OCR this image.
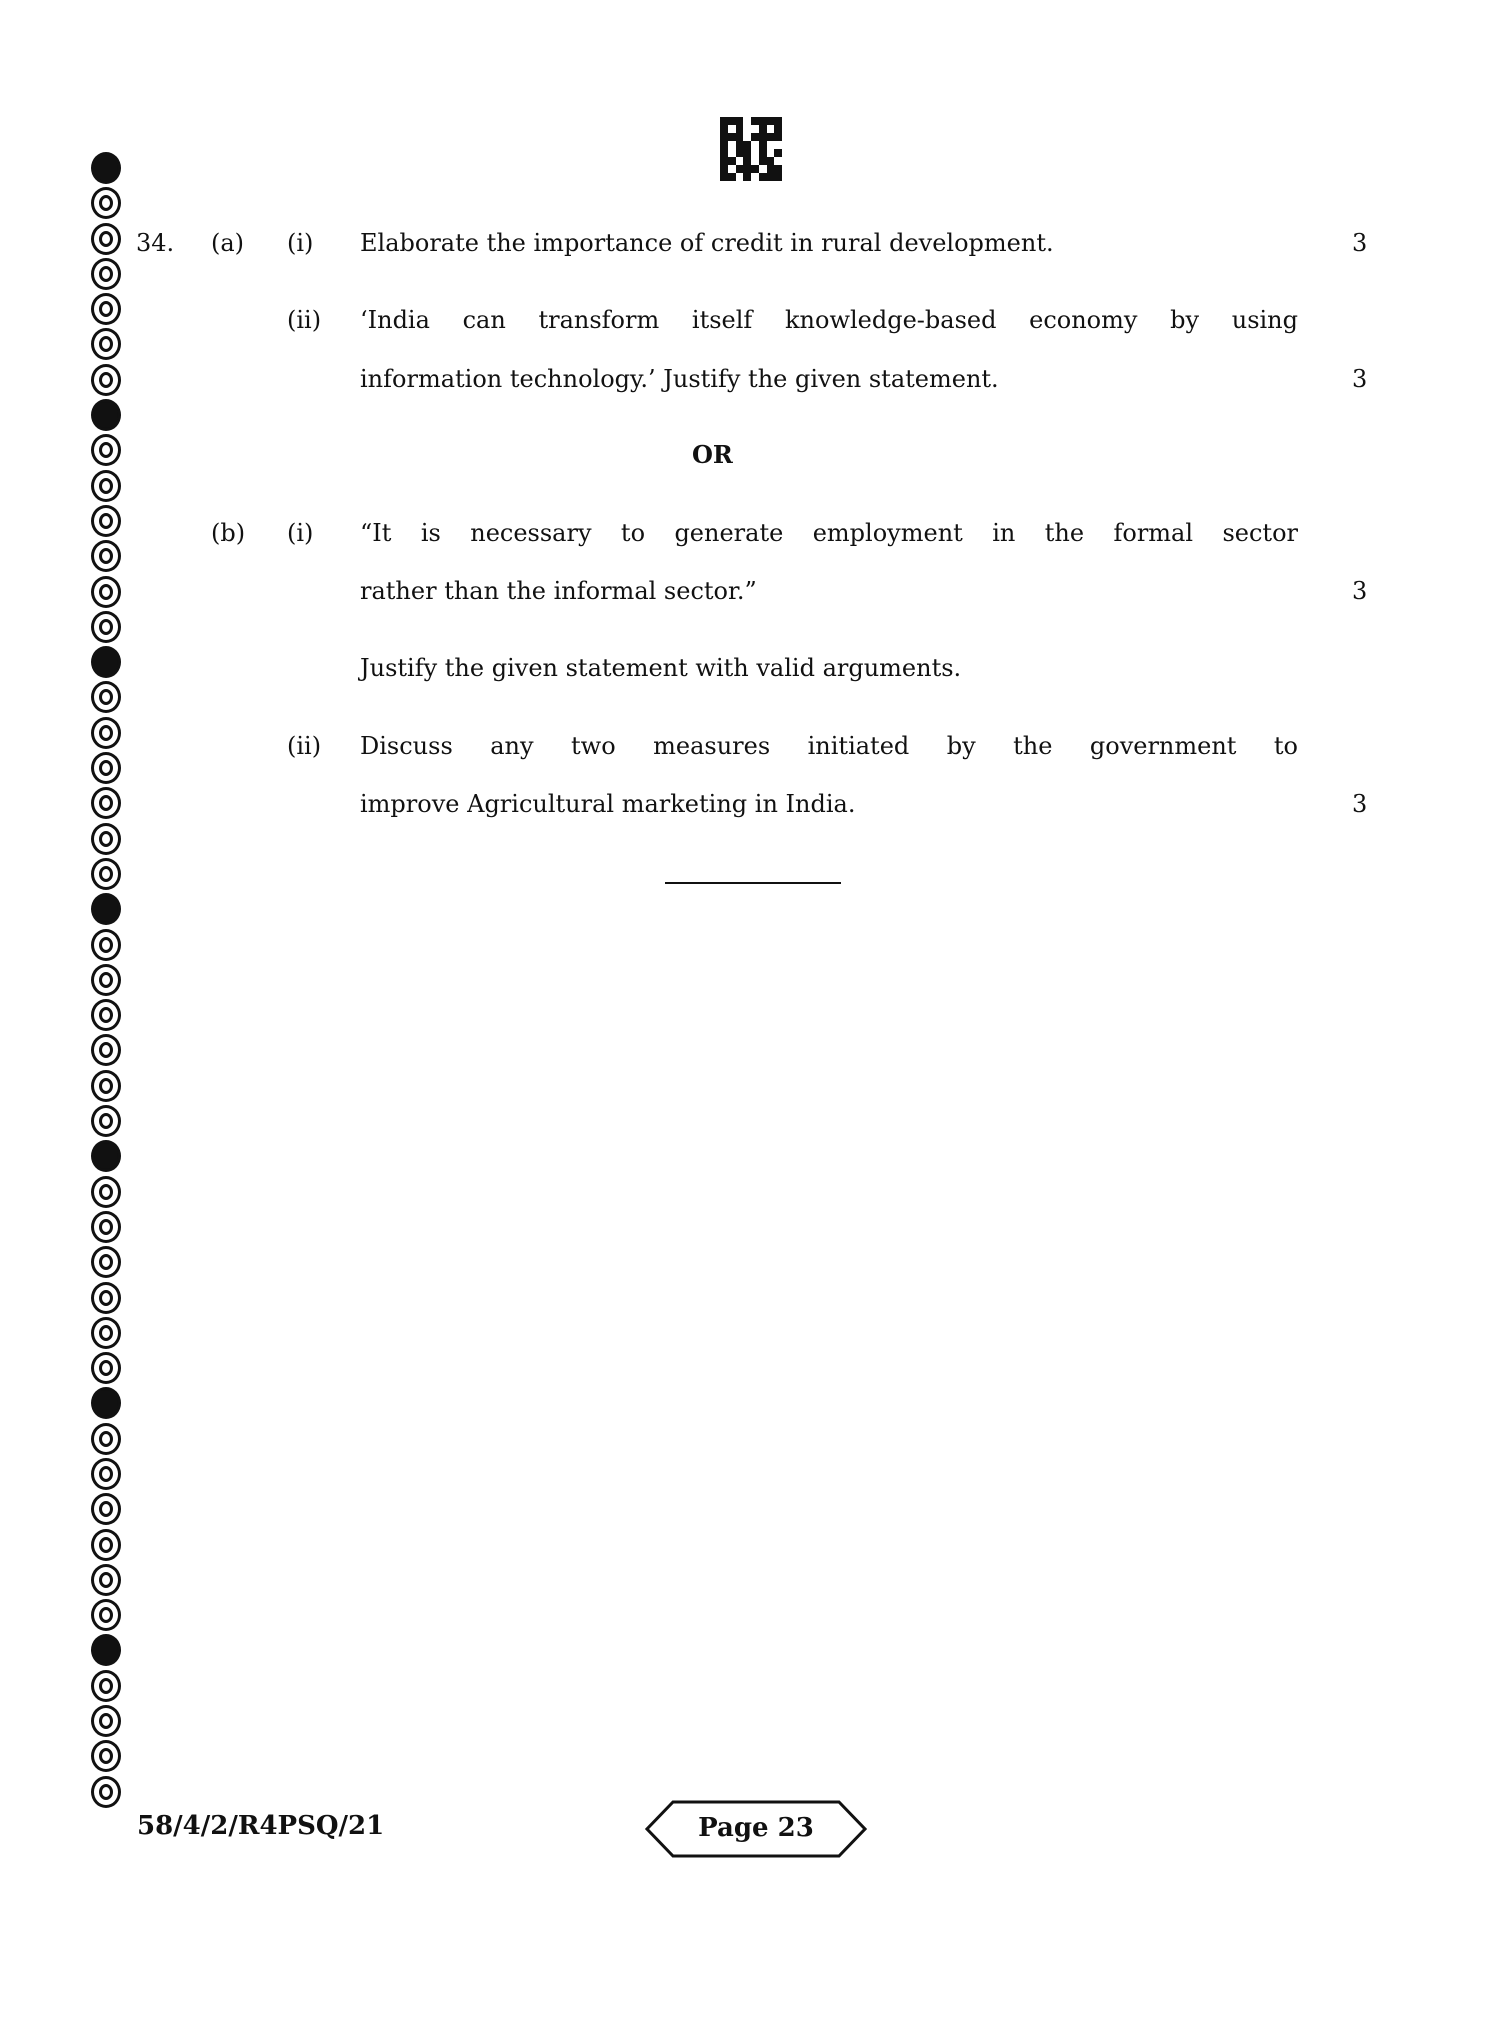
34. (a) (i) Elaborate the importance of credit in rural development.	3
(ii) ‘India can transform itself knowledge-based economy by using
information technology.’ Justify the given statement.	3
OR
(b) (i) “It is necessary to generate employment in the formal sector
rather than the informal sector.”	3
Justify the given statement with valid arguments.
(ii) Discuss any two measures initiated by the government to
improve Agricultural marketing in India.	3
58/4/2/R4PSQ/21	Page 23
